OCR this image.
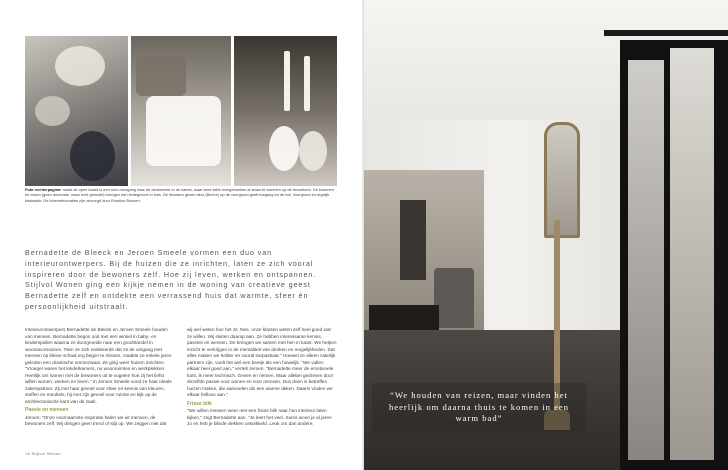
Foto rechterpagina: naast de open haard is een ruim doorgang naar de denkruimte in de kamer, waar twee witte loungebanken al staan te wachten op de bezoekers. De kommen en vazen (geen decoratie, maar echt gebruikt) brengen een lentegevoel in huis. De ribvazen geven deur (Bed'or) op de voorgrond geeft toegang tot de hal. Voorgrond en tegelijk basisstuk: De bloemdecoraties zijn verzorgd door Emotion Blumen.
Bernadette de Bleeck en Jeroen Smeele vormen een duo van interieurontwerpers. Bij de huizen die ze inrichten, laten ze zich vooral inspireren door de bewoners zelf. Hoe zij leven, werken en ontspannen. Stijlvol Wonen ging een kijkje nemen in de woning van creatieve geest Bernadette zelf en ontdekte een verrassend huis dat warmte, sfeer én persoonlijkheid uitstraalt.

Interieurontwerpers Bernadette de Bleeck en Jeroen Smeele houden van mensen. Bernadette begon ooit met een winkel in baby- en kinderspullen waarna ze doorgroeide naar een groothandel in woonaccessoires. Toen ze zich realiseerde dat ze de omgang met mensen op kleine schaal erg begon te missen, maakte ze enkele jaren geleden een drastische ommezwaai. Ze ging weer huizen inrichten. "Vroeger waren het kinderkamers, nu woonruimtes en werkplekken. Heerlijk om samen met de bewoners uit te vogelen hoe zij het liefst willen wonen, werken en leven." In Jeroen Smeele vond ze haar ideale zakenpartner. Zij met haar gevoel voor sfeer en kennis van kleuren, stoffen en meubels; hij met zijn gevoel voor ruimte en kijk op de architectonische kant van de zaak.

Passie en mensen

Jeroen: "Onze voornaamste inspiratie halen we uit mensen, de bewoners zelf. Wij dringen geen trend of stijl op. We zeggen niet dat

wij wel weten hoe het zit. Nee, onze klanten weten zelf heel goed wat ze willen. Wij sluiten daarop aan. Ze hebben interessante kennis, passies en wensen. De brengen we samen met hen in kaart. We helpen inzicht te verkrijgen in de mentaliteit van denken en mogelijkheden. Dat alles maken we helder en vooral toepasbaar." Hoewel ze alleen zakelijk partners zijn, voelt het wel een beetje als een huwelijk. "We vullen elkaar heel goed aan," vertelt Jeroen. "Bernadette meer de emotionele kant, ik meer technisch. Geven en nemen. Maar allebei gedreven door dezelfde passie voor wonen en voor mensen. Dus doen is betreffen huizen maken, die aanvoelen als een warme deken. Daarin vinden we elkaar feilloos aan."

Frisse blik

"We willen mensen weer met een frisse blik naar hun interieur laten kijken," zegt Bernadette aan. "Je leert het veel. Soms woon je al jaren zo en heb je blinde vlekken ontwikkeld. Leuk om dan andere,

16 Stijlvol Wonen
“We houden van reizen, maar vinden het heerlijk om daarna thuis te komen in een warm bad”
